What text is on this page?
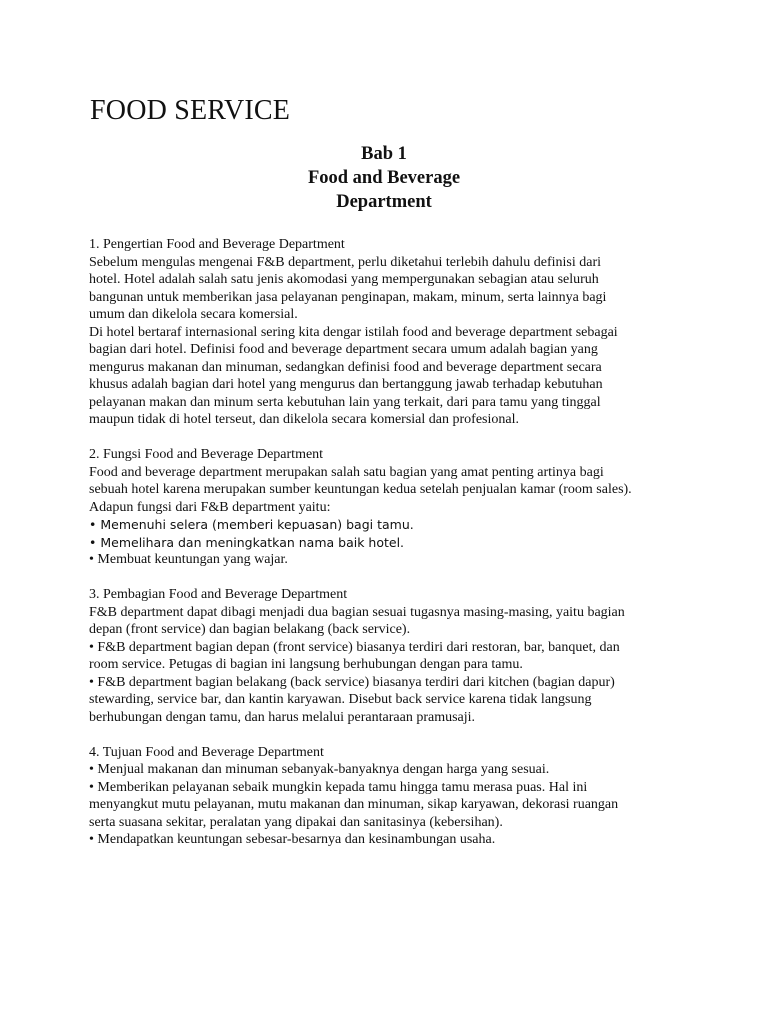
FOOD SERVICE
Bab 1
Food and Beverage
Department
1. Pengertian Food and Beverage Department
Sebelum mengulas mengenai F&B department, perlu diketahui terlebih dahulu definisi dari
hotel. Hotel adalah salah satu jenis akomodasi yang mempergunakan sebagian atau seluruh
bangunan untuk memberikan jasa pelayanan penginapan, makam, minum, serta lainnya bagi
umum dan dikelola secara komersial.
Di hotel bertaraf internasional sering kita dengar istilah food and beverage department sebagai
bagian dari hotel. Definisi food and beverage department secara umum adalah bagian yang
mengurus makanan dan minuman, sedangkan definisi food and beverage department secara
khusus adalah bagian dari hotel yang mengurus dan bertanggung jawab terhadap kebutuhan
pelayanan makan dan minum serta kebutuhan lain yang terkait, dari para tamu yang tinggal
maupun tidak di hotel terseut, dan dikelola secara komersial dan profesional.
2. Fungsi Food and Beverage Department
Food and beverage department merupakan salah satu bagian yang amat penting artinya bagi
sebuah hotel karena merupakan sumber keuntungan kedua setelah penjualan kamar (room sales).
Adapun fungsi dari F&B department yaitu:
• Memenuhi selera (memberi kepuasan) bagi tamu.
• Memelihara dan meningkatkan nama baik hotel.
• Membuat keuntungan yang wajar.
3. Pembagian Food and Beverage Department
F&B department dapat dibagi menjadi dua bagian sesuai tugasnya masing-masing, yaitu bagian
depan (front service) dan bagian belakang (back service).
• F&B department bagian depan (front service) biasanya terdiri dari restoran, bar, banquet, dan
room service. Petugas di bagian ini langsung berhubungan dengan para tamu.
• F&B department bagian belakang (back service) biasanya terdiri dari kitchen (bagian dapur)
stewarding, service bar, dan kantin karyawan. Disebut back service karena tidak langsung
berhubungan dengan tamu, dan harus melalui perantaraan pramusaji.
4. Tujuan Food and Beverage Department
• Menjual makanan dan minuman sebanyak-banyaknya dengan harga yang sesuai.
• Memberikan pelayanan sebaik mungkin kepada tamu hingga tamu merasa puas. Hal ini
menyangkut mutu pelayanan, mutu makanan dan minuman, sikap karyawan, dekorasi ruangan
serta suasana sekitar, peralatan yang dipakai dan sanitasinya (kebersihan).
• Mendapatkan keuntungan sebesar-besarnya dan kesinambungan usaha.
